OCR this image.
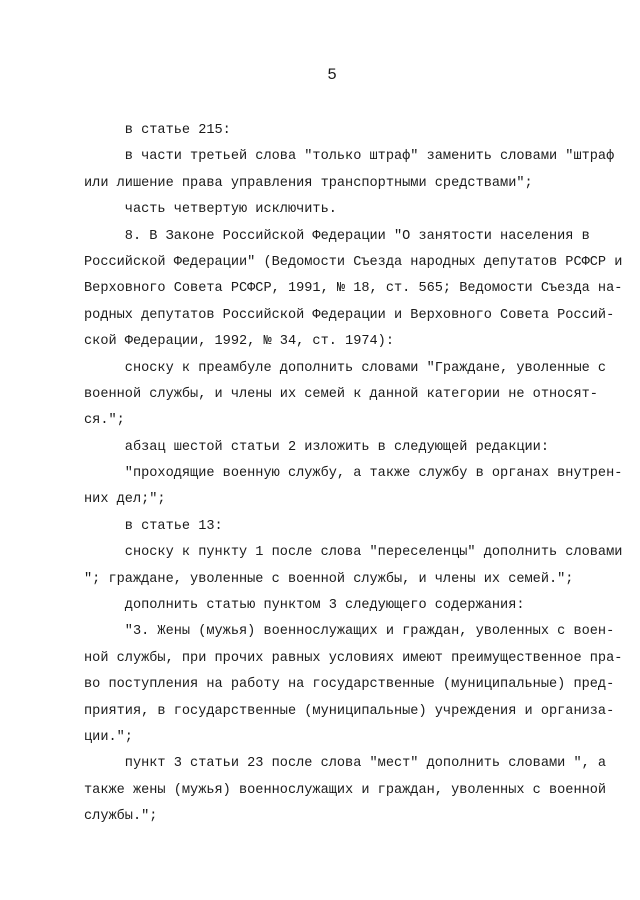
5
в статье 215:
в части третьей слова "только штраф" заменить словами "штраф
или лишение права управления транспортными средствами";
часть четвертую исключить.
8. В Законе Российской Федерации "О занятости населения в
Российской Федерации" (Ведомости Съезда народных депутатов РСФСР и
Верховного Совета РСФСР, 1991, № 18, ст. 565; Ведомости Съезда на-
родных депутатов Российской Федерации и Верховного Совета Россий-
ской Федерации, 1992, № 34, ст. 1974):
сноску к преамбуле дополнить словами "Граждане, уволенные с
военной службы, и члены их семей к данной категории не относят-
ся.";
абзац шестой статьи 2 изложить в следующей редакции:
"проходящие военную службу, а также службу в органах внутрен-
них дел;";
в статье 13:
сноску к пункту 1 после слова "переселенцы" дополнить словами
"; граждане, уволенные с военной службы, и члены их семей.";
дополнить статью пунктом 3 следующего содержания:
"3. Жены (мужья) военнослужащих и граждан, уволенных с воен-
ной службы, при прочих равных условиях имеют преимущественное пра-
во поступления на работу на государственные (муниципальные) пред-
приятия, в государственные (муниципальные) учреждения и организа-
ции.";
пункт 3 статьи 23 после слова "мест" дополнить словами ", а
также жены (мужья) военнослужащих и граждан, уволенных с военной
службы.";
